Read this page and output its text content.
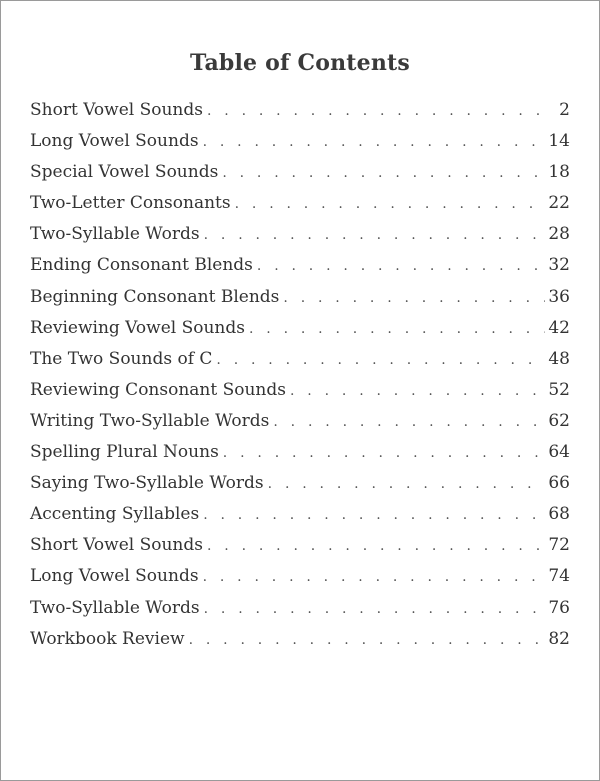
Table of Contents
Short Vowel Sounds . . .	2
Long Vowel Sounds . . .	14
Special Vowel Sounds . . .	18
Two-Letter Consonants . . .	22
Two-Syllable Words . . .	28
Ending Consonant Blends . . .	32
Beginning Consonant Blends . . .	36
Reviewing Vowel Sounds . . .	42
The Two Sounds of C . . .	48
Reviewing Consonant Sounds . . .	52
Writing Two-Syllable Words . . .	62
Spelling Plural Nouns . . .	64
Saying Two-Syllable Words . . .	66
Accenting Syllables . . .	68
Short Vowel Sounds . . .	72
Long Vowel Sounds . . .	74
Two-Syllable Words . . .	76
Workbook Review . . .	82
